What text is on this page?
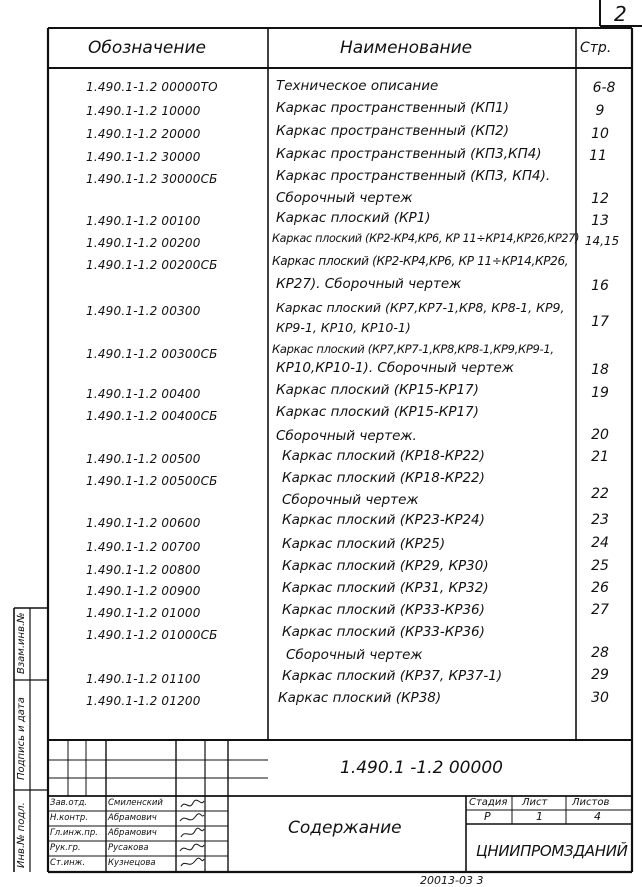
2
Обозначение	Наименование	Стр.
1.490.1-1.2 00000ТО	Техническое описание	6-8
1.490.1-1.2 10000	Каркас пространственный (КП1)	9
1.490.1-1.2 20000	Каркас пространственный (КП2)	10
1.490.1-1.2 30000	Каркас пространственный (КП3,КП4)	11
1.490.1-1.2 30000СБ	Каркас пространственный (КП3, КП4).
Сборочный чертеж	12
1.490.1-1.2 00100	Каркас плоский (КР1)	13
1.490.1-1.2 00200	Каркас плоский (КР2-КР4,КР6, КР 11÷КР14,КР26,КР27) 14,15
1.490.1-1.2 00200СБ	Каркас плоский (КР2-КР4,КР6, КР 11÷КР14,КР26,
КР27). Сборочный чертеж	16
1.490.1-1.2 00300	Каркас плоский (КР7,КР7-1,КР8, КР8-1, КР9,
КР9-1, КР10, КР10-1)	17
1.490.1-1.2 00300СБ	Каркас плоский (КР7,КР7-1,КР8,КР8-1,КР9,КР9-1,
КР10,КР10-1). Сборочный чертеж	18
1.490.1-1.2 00400	Каркас плоский (КР15-КР17)	19
1.490.1-1.2 00400СБ	Каркас плоский (КР15-КР17)
Сборочный чертеж.	20
1.490.1-1.2 00500	Каркас плоский (КР18-КР22)	21
1.490.1-1.2 00500СБ	Каркас плоский (КР18-КР22)
Сборочный чертеж	22
1.490.1-1.2 00600	Каркас плоский (КР23-КР24)	23
1.490.1-1.2 00700	Каркас плоский (КР25)	24
1.490.1-1.2 00800	Каркас плоский (КР29, КР30)	25
1.490.1-1.2 00900	Каркас плоский (КР31, КР32)	26
1.490.1-1.2 01000	Каркас плоский (КР33-КР36)	27
1.490.1-1.2 01000СБ	Каркас плоский (КР33-КР36)
Сборочный чертеж	28
1.490.1-1.2 01100	Каркас плоский (КР37, КР37-1)	29
1.490.1-1.2 01200	Каркас плоский (КР38)	30
Инв.№ подл.
Подпись и дата
Взам.инв.№
1.490.1 -1.2 00000
Зав.отд. Смиленский
Н.контр. Абрамович
Гл.инж.пр. Абрамович
Рук.гр.	Русакова
Ст.инж.	Кузнецова
Содержание
Стадия Лист Листов
Р	1	4
ЦНИИПРОМЗДАНИЙ
20013-03 3
